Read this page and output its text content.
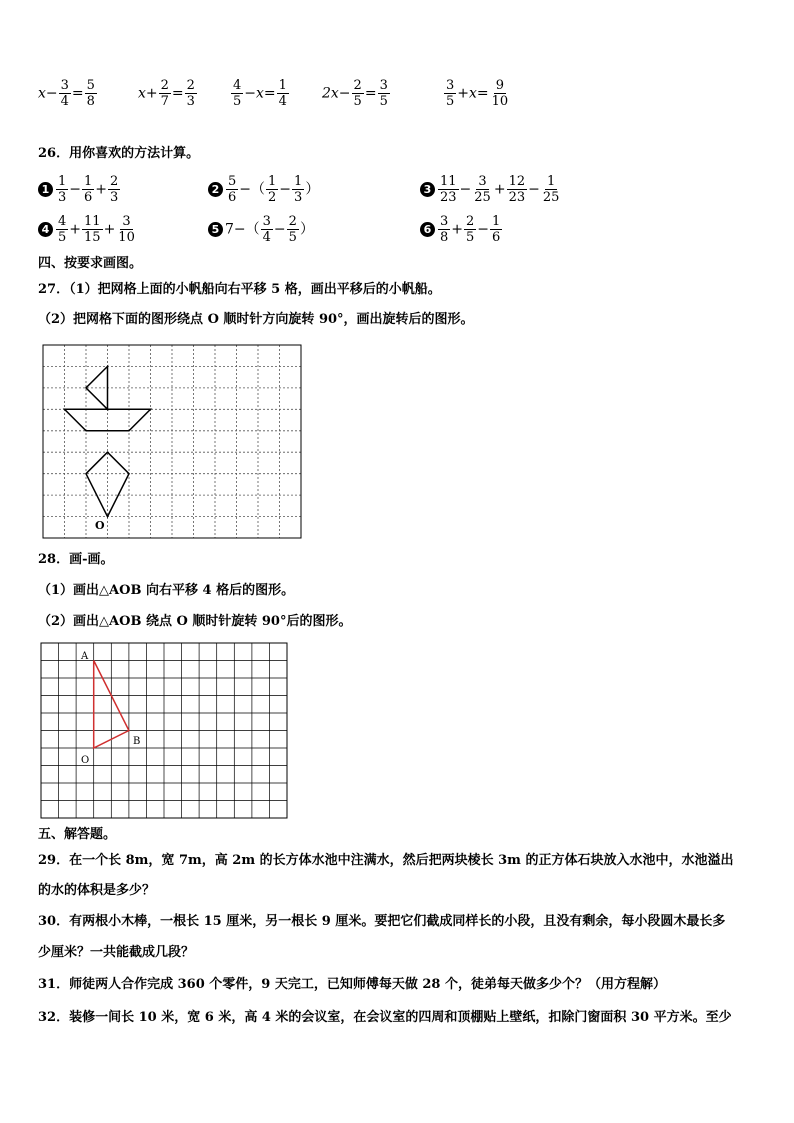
$x- \frac{3}{4} = \frac{5}{8}$	$x+ \frac{2}{7} = \frac{2}{3}$	$\frac{4}{5} -x= \frac{1}{4} 2x- \frac{2}{5} = \frac{3}{5}$	$\frac{3}{5} +x= \frac{9}{10}$
26．用你喜欢的方法计算。
$1 \frac{1}{3} - \frac{1}{6} + \frac{2}{3}$	$2 \frac{5}{6}$ −（ $\frac{1}{2} - \frac{1}{3}$ ）	$3 \frac{11}{23} - \frac{3}{25} + \frac{12}{23} - \frac{1}{25}$
$4 \frac{4}{5} + \frac{11}{15} + \frac{3}{10}$	5 $7-( \frac{3}{4} - \frac{2}{5}$ ）	$6 \frac{3}{8} + \frac{2}{5} - \frac{1}{6}$
四、按要求画图。
27．（1）把网格上面的小帆船向右平移 5 格，画出平移后的小帆船。
（2）把网格下面的图形绕点 O 顺时针方向旋转 90°，画出旋转后的图形。
O
28．画-画。
（1）画出△AOB 向右平移 4 格后的图形。
（2）画出△AOB 绕点 O 顺时针旋转 90°后的图形。
A
B
O
五、解答题。
29．在一个长 8m，宽 7m，高 2m 的长方体水池中注满水，然后把两块棱长 3m 的正方体石块放入水池中，水池溢出
的水的体积是多少？
30．有两根小木棒，一根长 15 厘米，另一根长 9 厘米。要把它们截成同样长的小段，且没有剩余，每小段圆木最长多
少厘米？一共能截成几段？
31．师徒两人合作完成 360 个零件，9 天完工，已知师傅每天做 28 个，徒弟每天做多少个？（用方程解）
32．装修一间长 10 米，宽 6 米，高 4 米的会议室，在会议室的四周和顶棚贴上壁纸，扣除门窗面积 30 平方米。至少
